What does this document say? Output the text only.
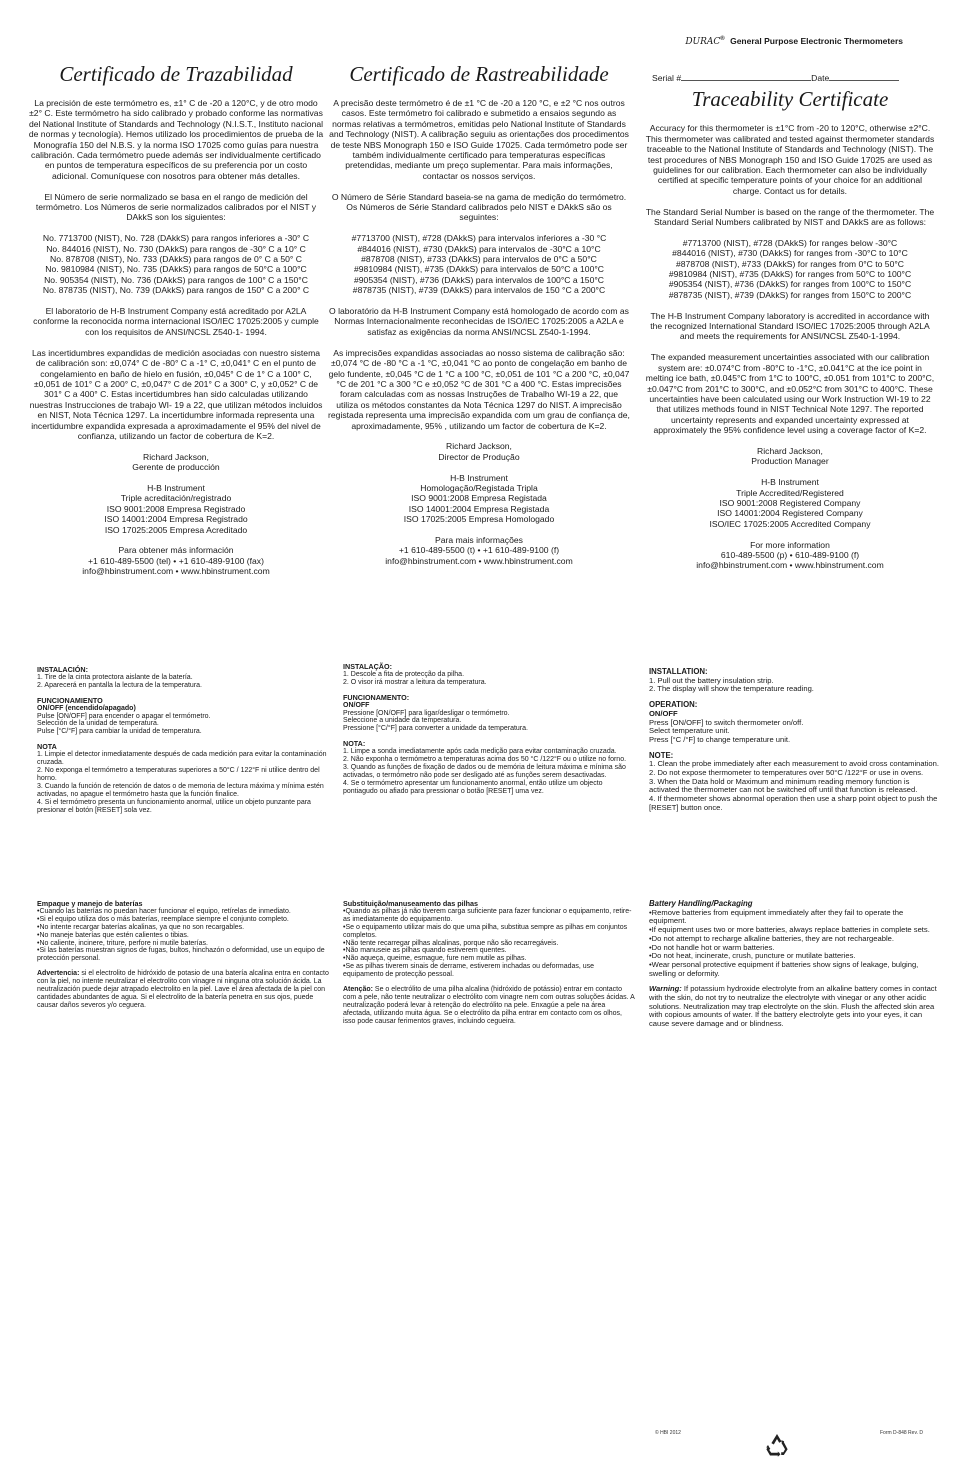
DURAC® General Purpose Electronic Thermometers
Certificado de Trazabilidad

La precisión de este termómetro es, ±1° C de -20 a 120°C, y de otro modo ±2° C. Este termómetro ha sido calibrado y probado conforme las normativas del National Institute of Standards and Technology (N.I.S.T., Instituto nacional de normas y tecnología). Hemos utilizado los procedimientos de prueba de la Monografía 150 del N.B.S. y la norma ISO 17025 como guías para nuestra calibración. Cada termómetro puede además ser individualmente certificado en puntos de temperatura específicos de su preferencia por un costo adicional. Comuníquese con nosotros para obtener más detalles.

El Número de serie normalizado se basa en el rango de medición del termómetro. Los Números de serie normalizados calibrados por el NIST y DAkkS son los siguientes:

No. 7713700 (NIST), No. 728 (DAkkS) para rangos inferiores a -30° C
No. 844016 (NIST), No. 730 (DAkkS) para rangos de -30° C a 10° C
No. 878708 (NIST), No. 733 (DAkkS) para rangos de 0° C a 50° C
No. 9810984 (NIST), No. 735 (DAkkS) para rangos de 50°C a 100°C
No. 905354 (NIST), No. 736 (DAkkS) para rangos de 100° C a 150°C
No. 878735 (NIST), No. 739 (DAkkS) para rangos de 150° C a 200° C

El laboratorio de H-B Instrument Company está acreditado por A2LA conforme la reconocida norma internacional ISO/IEC 17025:2005 y cumple con los requisitos de ANSI/NCSL Z540-1- 1994.

Las incertidumbres expandidas de medición asociadas con nuestro sistema de calibración son: ±0,074° C de -80° C a -1° C, ±0,041° C en el punto de congelamiento en baño de hielo en fusión, ±0,045° C de 1° C a 100° C, ±0,051 de 101° C a 200° C, ±0,047° C de 201° C a 300° C, y ±0,052° C de 301° C a 400° C. Estas incertidumbres han sido calculadas utilizando nuestras Instrucciones de trabajo WI- 19 a 22, que utilizan métodos incluidos en NIST, Nota Técnica 1297. La incertidumbre informada representa una incertidumbre expandida expresada a aproximadamente el 95% del nivel de confianza, utilizando un factor de cobertura de K=2.

Richard Jackson,
Gerente de producción

H-B Instrument
Triple acreditación/registrado
ISO 9001:2008 Empresa Registrado
ISO 14001:2004 Empresa Registrado
ISO 17025:2005 Empresa Acreditado

Para obtener más información
+1 610-489-5500 (tel) • +1 610-489-9100 (fax)
info@hbinstrument.com • www.hbinstrument.com

Certificado de Rastreabilidade

A precisão deste termómetro é de ±1 °C de -20 a 120 °C, e ±2 °C nos outros casos. Este termómetro foi calibrado e submetido a ensaios segundo as normas relativas a termómetros, emitidas pelo National Institute of Standards and Technology (NIST). A calibração seguiu as orientações dos procedimentos de teste NBS Monograph 150 e ISO Guide 17025. Cada termómetro pode ser também individualmente certificado para temperaturas específicas pretendidas, mediante um preço suplementar. Para mais informações, contactar os nossos serviços.

O Número de Série Standard baseia-se na gama de medição do termómetro. Os Números de Série Standard calibrados pelo NIST e DAkkS são os seguintes:

#7713700 (NIST), #728 (DAkkS) para intervalos inferiores a -30 °C
#844016 (NIST), #730 (DAkkS) para intervalos de -30°C a 10°C
#878708 (NIST), #733 (DAkkS) para intervalos de 0°C a 50°C
#9810984 (NIST), #735 (DAkkS) para intervalos de 50°C a 100°C
#905354 (NIST), #736 (DAkkS) para intervalos de 100°C a 150°C
#878735 (NIST), #739 (DAkkS) para intervalos de 150 °C a 200°C

O laboratório da H-B Instrument Company está homologado de acordo com as Normas Internacionalmente reconhecidas de ISO/IEC 17025:2005 a A2LA e satisfaz as exigências da norma ANSI/NCSL Z540-1-1994.

As imprecisões expandidas associadas ao nosso sistema de calibração são: ±0,074 °C de -80 °C a -1 °C, ±0,041 °C ao ponto de congelação em banho de gelo fundente, ±0,045 °C de 1 °C a 100 °C, ±0,051 de 101 °C a 200 °C, ±0,047 °C de 201 °C a 300 °C e ±0,052 °C de 301 °C a 400 °C. Estas imprecisões foram calculadas com as nossas Instruções de Trabalho WI-19 a 22, que utiliza os métodos constantes da Nota Técnica 1297 do NIST. A imprecisão registada representa uma imprecisão expandida com um grau de confiança de, aproximadamente, 95% , utilizando um factor de cobertura de K=2.

Richard Jackson,
Director de Produção

H-B Instrument
Homologação/Registada Tripla
ISO 9001:2008 Empresa Registada
ISO 14001:2004 Empresa Registada
ISO 17025:2005 Empresa Homologado

Para mais informações
+1 610-489-5500 (t) • +1 610-489-9100 (f)
info@hbinstrument.com • www.hbinstrument.com

Serial #	Date
Traceability Certificate

Accuracy for this thermometer is ±1°C from -20 to 120°C, otherwise ±2°C. This thermometer was calibrated and tested against thermometer standards traceable to the National Institute of Standards and Technology (NIST). The test procedures of NBS Monograph 150 and ISO Guide 17025 are used as guidelines for our calibration. Each thermometer can also be individually certified at specific temperature points of your choice for an additional charge. Contact us for details.

The Standard Serial Number is based on the range of the thermometer. The Standard Serial Numbers calibrated by NIST and DAkkS are as follows:

#7713700 (NIST), #728 (DAkkS) for ranges below -30°C
#844016 (NIST), #730 (DAkkS) for ranges from -30°C to 10°C
#878708 (NIST), #733 (DAkkS) for ranges from 0°C to 50°C
#9810984 (NIST), #735 (DAkkS) for ranges from 50°C to 100°C
#905354 (NIST), #736 (DAkkS) for ranges from 100°C to 150°C
#878735 (NIST), #739 (DAkkS) for ranges from 150°C to 200°C

The H-B Instrument Company laboratory is accredited in accordance with the recognized International Standard ISO/IEC 17025:2005 through A2LA and meets the requirements for ANSI/NCSL Z540-1-1994.

The expanded measurement uncertainties associated with our calibration system are: ±0.074°C from -80°C to -1°C, ±0.041°C at the ice point in melting ice bath, ±0.045°C from 1°C to 100°C, ±0.051 from 101°C to 200°C, ±0.047°C from 201°C to 300°C, and ±0.052°C from 301°C to 400°C. These uncertainties have been calculated using our Work Instruction WI-19 to 22 that utilizes methods found in NIST Technical Note 1297. The reported uncertainty represents and expanded uncertainty expressed at approximately the 95% confidence level using a coverage factor of K=2.

Richard Jackson,
Production Manager

H-B Instrument
Triple Accredited/Registered
ISO 9001:2008 Registered Company
ISO 14001:2004 Registered Company
ISO/IEC 17025:2005 Accredited Company

For more information
610-489-5500 (p) • 610-489-9100 (f)
info@hbinstrument.com • www.hbinstrument.com

INSTALACIÓN:

1. Tire de la cinta protectora aislante de la batería.
2. Aparecerá en pantalla la lectura de la temperatura.

FUNCIONAMIENTO
ON/OFF (encendido/apagado)

Pulse [ON/OFF] para encender o apagar el termómetro.
Selección de la unidad de temperatura.
Pulse [°C/°F] para cambiar la unidad de temperatura.

NOTA

1. Limpie el detector inmediatamente después de cada medición para evitar la contaminación cruzada.
2. No exponga el termómetro a temperaturas superiores a 50°C / 122°F ni utilice dentro del horno.
3. Cuando la función de retención de datos o de memoria de lectura máxima y mínima estén activadas, no apague el termómetro hasta que la función finalice.
4. Si el termómetro presenta un funcionamiento anormal, utilice un objeto punzante para presionar el botón [RESET] sola vez.

INSTALAÇÃO:

1. Descole a fita de protecção da pilha.
2. O visor irá mostrar a leitura da temperatura.

FUNCIONAMENTO:
ON/OFF

Pressione [ON/OFF] para ligar/desligar o termómetro.
Seleccione a unidade da temperatura.
Pressione [°C/°F] para converter a unidade da temperatura.

NOTA:

1. Limpe a sonda imediatamente após cada medição para evitar contaminação cruzada.
2. Não exponha o termómetro a temperaturas acima dos 50 °C /122°F ou o utilize no forno.
3. Quando as funções de fixação de dados ou de memória de leitura máxima e mínima são activadas, o termómetro não pode ser desligado até as funções serem desactivadas.
4. Se o termómetro apresentar um funcionamento anormal, então utilize um objecto pontiagudo ou afiado para pressionar o botão [RESET] uma vez.

INSTALLATION:

1. Pull out the battery insulation strip.
2. The display will show the temperature reading.

OPERATION:
ON/OFF

Press [ON/OFF] to switch thermometer on/off.
Select temperature unit.
Press [°C /°F] to change temperature unit.

NOTE:

1. Clean the probe immediately after each measurement to avoid cross contamination.
2. Do not expose thermometer to temperatures over 50°C /122°F or use in ovens.
3. When the Data hold or Maximum and minimum reading memory function is activated the thermometer can not be switched off until that function is released.
4. If thermometer shows abnormal operation then use a sharp point object to push the [RESET] button once.

Empaque y manejo de baterías

•Cuando las baterías no puedan hacer funcionar el equipo, retírelas de inmediato.
•Si el equipo utiliza dos o más baterías, reemplace siempre el conjunto completo.
•No intente recargar baterías alcalinas, ya que no son recargables.
•No maneje baterías que estén calientes o tibias.
•No caliente, incinere, triture, perfore ni mutile baterías.
•Si las baterías muestran signos de fugas, bultos, hinchazón o deformidad, use un equipo de protección personal.

Advertencia: si el electrolito de hidróxido de potasio de una batería alcalina entra en contacto con la piel, no intente neutralizar el electrolito con vinagre ni ninguna otra solución ácida. La neutralización puede dejar atrapado electrolito en la piel. Lave el área afectada de la piel con cantidades abundantes de agua. Si el electrolito de la batería penetra en sus ojos, puede causar daños severos y/o ceguera.

Substituição/manuseamento das pilhas

•Quando as pilhas já não tiverem carga suficiente para fazer funcionar o equipamento, retire-as imediatamente do equipamento.
•Se o equipamento utilizar mais do que uma pilha, substitua sempre as pilhas em conjuntos completos.
•Não tente recarregar pilhas alcalinas, porque não são recarregáveis.
•Não manuseie as pilhas quando estiverem quentes.
•Não aqueça, queime, esmague, fure nem mutile as pilhas.
•Se as pilhas tiverem sinais de derrame, estiverem inchadas ou deformadas, use equipamento de protecção pessoal.

Atenção: Se o electrólito de uma pilha alcalina (hidróxido de potássio) entrar em contacto com a pele, não tente neutralizar o electrólito com vinagre nem com outras soluções ácidas. A neutralização poderá levar à retenção do electrólito na pele. Enxagúe a pele na área afectada, utilizando muita água. Se o electrólito da pilha entrar em contacto com os olhos, isso pode causar ferimentos graves, incluindo cegueira.

Battery Handling/Packaging

•Remove batteries from equipment immediately after they fail to operate the equipment.
•If equipment uses two or more batteries, always replace batteries in complete sets.
•Do not attempt to recharge alkaline batteries, they are not rechargeable.
•Do not handle hot or warm batteries.
•Do not heat, incinerate, crush, puncture or mutilate batteries.
•Wear personal protective equipment if batteries show signs of leakage, bulging, swelling or deformity.

Warning: If potassium hydroxide electrolyte from an alkaline battery comes in contact with the skin, do not try to neutralize the electrolyte with vinegar or any other acidic solutions. Neutralization may trap electrolyte on the skin. Flush the affected skin area with copious amounts of water. If the battery electrolyte gets into your eyes, it can cause severe damage and or blindness.

© HBI 2012	Form D-848 Rev. D
